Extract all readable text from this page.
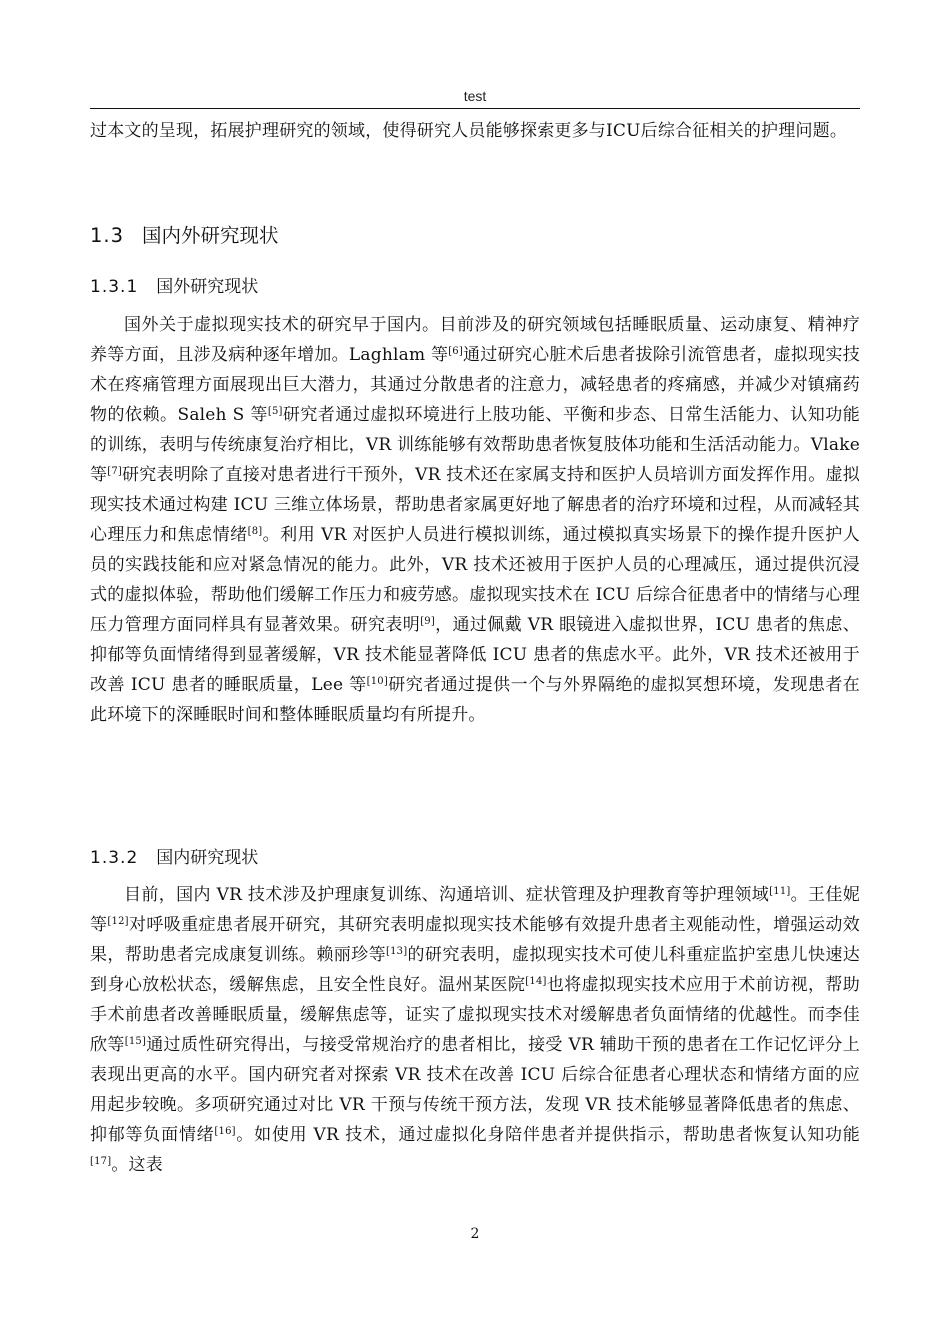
test
过本文的呈现，拓展护理研究的领域，使得研究人员能够探索更多与ICU后综合征相关的护理问题。
1.3 国内外研究现状
1.3.1 国外研究现状
国外关于虚拟现实技术的研究早于国内。目前涉及的研究领域包括睡眠质量、运动康复、精神疗养等方面，且涉及病种逐年增加。Laghlam 等[6]通过研究心脏术后患者拔除引流管患者，虚拟现实技术在疼痛管理方面展现出巨大潜力，其通过分散患者的注意力，减轻患者的疼痛感，并减少对镇痛药物的依赖。Saleh S 等[5]研究者通过虚拟环境进行上肢功能、平衡和步态、日常生活能力、认知功能的训练，表明与传统康复治疗相比，VR 训练能够有效帮助患者恢复肢体功能和生活活动能力。Vlake 等[7]研究表明除了直接对患者进行干预外，VR 技术还在家属支持和医护人员培训方面发挥作用。虚拟现实技术通过构建 ICU 三维立体场景，帮助患者家属更好地了解患者的治疗环境和过程，从而减轻其心理压力和焦虑情绪[8]。利用 VR 对医护人员进行模拟训练，通过模拟真实场景下的操作提升医护人员的实践技能和应对紧急情况的能力。此外，VR 技术还被用于医护人员的心理减压，通过提供沉浸式的虚拟体验，帮助他们缓解工作压力和疲劳感。虚拟现实技术在 ICU 后综合征患者中的情绪与心理压力管理方面同样具有显著效果。研究表明[9]，通过佩戴 VR 眼镜进入虚拟世界，ICU 患者的焦虑、抑郁等负面情绪得到显著缓解，VR 技术能显著降低 ICU 患者的焦虑水平。此外，VR 技术还被用于改善 ICU 患者的睡眠质量，Lee 等[10]研究者通过提供一个与外界隔绝的虚拟冥想环境，发现患者在此环境下的深睡眠时间和整体睡眠质量均有所提升。
1.3.2 国内研究现状
目前，国内 VR 技术涉及护理康复训练、沟通培训、症状管理及护理教育等护理领域[11]。王佳妮等[12]对呼吸重症患者展开研究，其研究表明虚拟现实技术能够有效提升患者主观能动性，增强运动效果，帮助患者完成康复训练。赖丽珍等[13]的研究表明，虚拟现实技术可使儿科重症监护室患儿快速达到身心放松状态，缓解焦虑，且安全性良好。温州某医院[14]也将虚拟现实技术应用于术前访视，帮助手术前患者改善睡眠质量，缓解焦虑等，证实了虚拟现实技术对缓解患者负面情绪的优越性。而李佳欣等[15]通过质性研究得出，与接受常规治疗的患者相比，接受 VR 辅助干预的患者在工作记忆评分上表现出更高的水平。国内研究者对探索 VR 技术在改善 ICU 后综合征患者心理状态和情绪方面的应用起步较晚。多项研究通过对比 VR 干预与传统干预方法，发现 VR 技术能够显著降低患者的焦虑、抑郁等负面情绪[16]。如使用 VR 技术，通过虚拟化身陪伴患者并提供指示，帮助患者恢复认知功能[17]。这表
2
